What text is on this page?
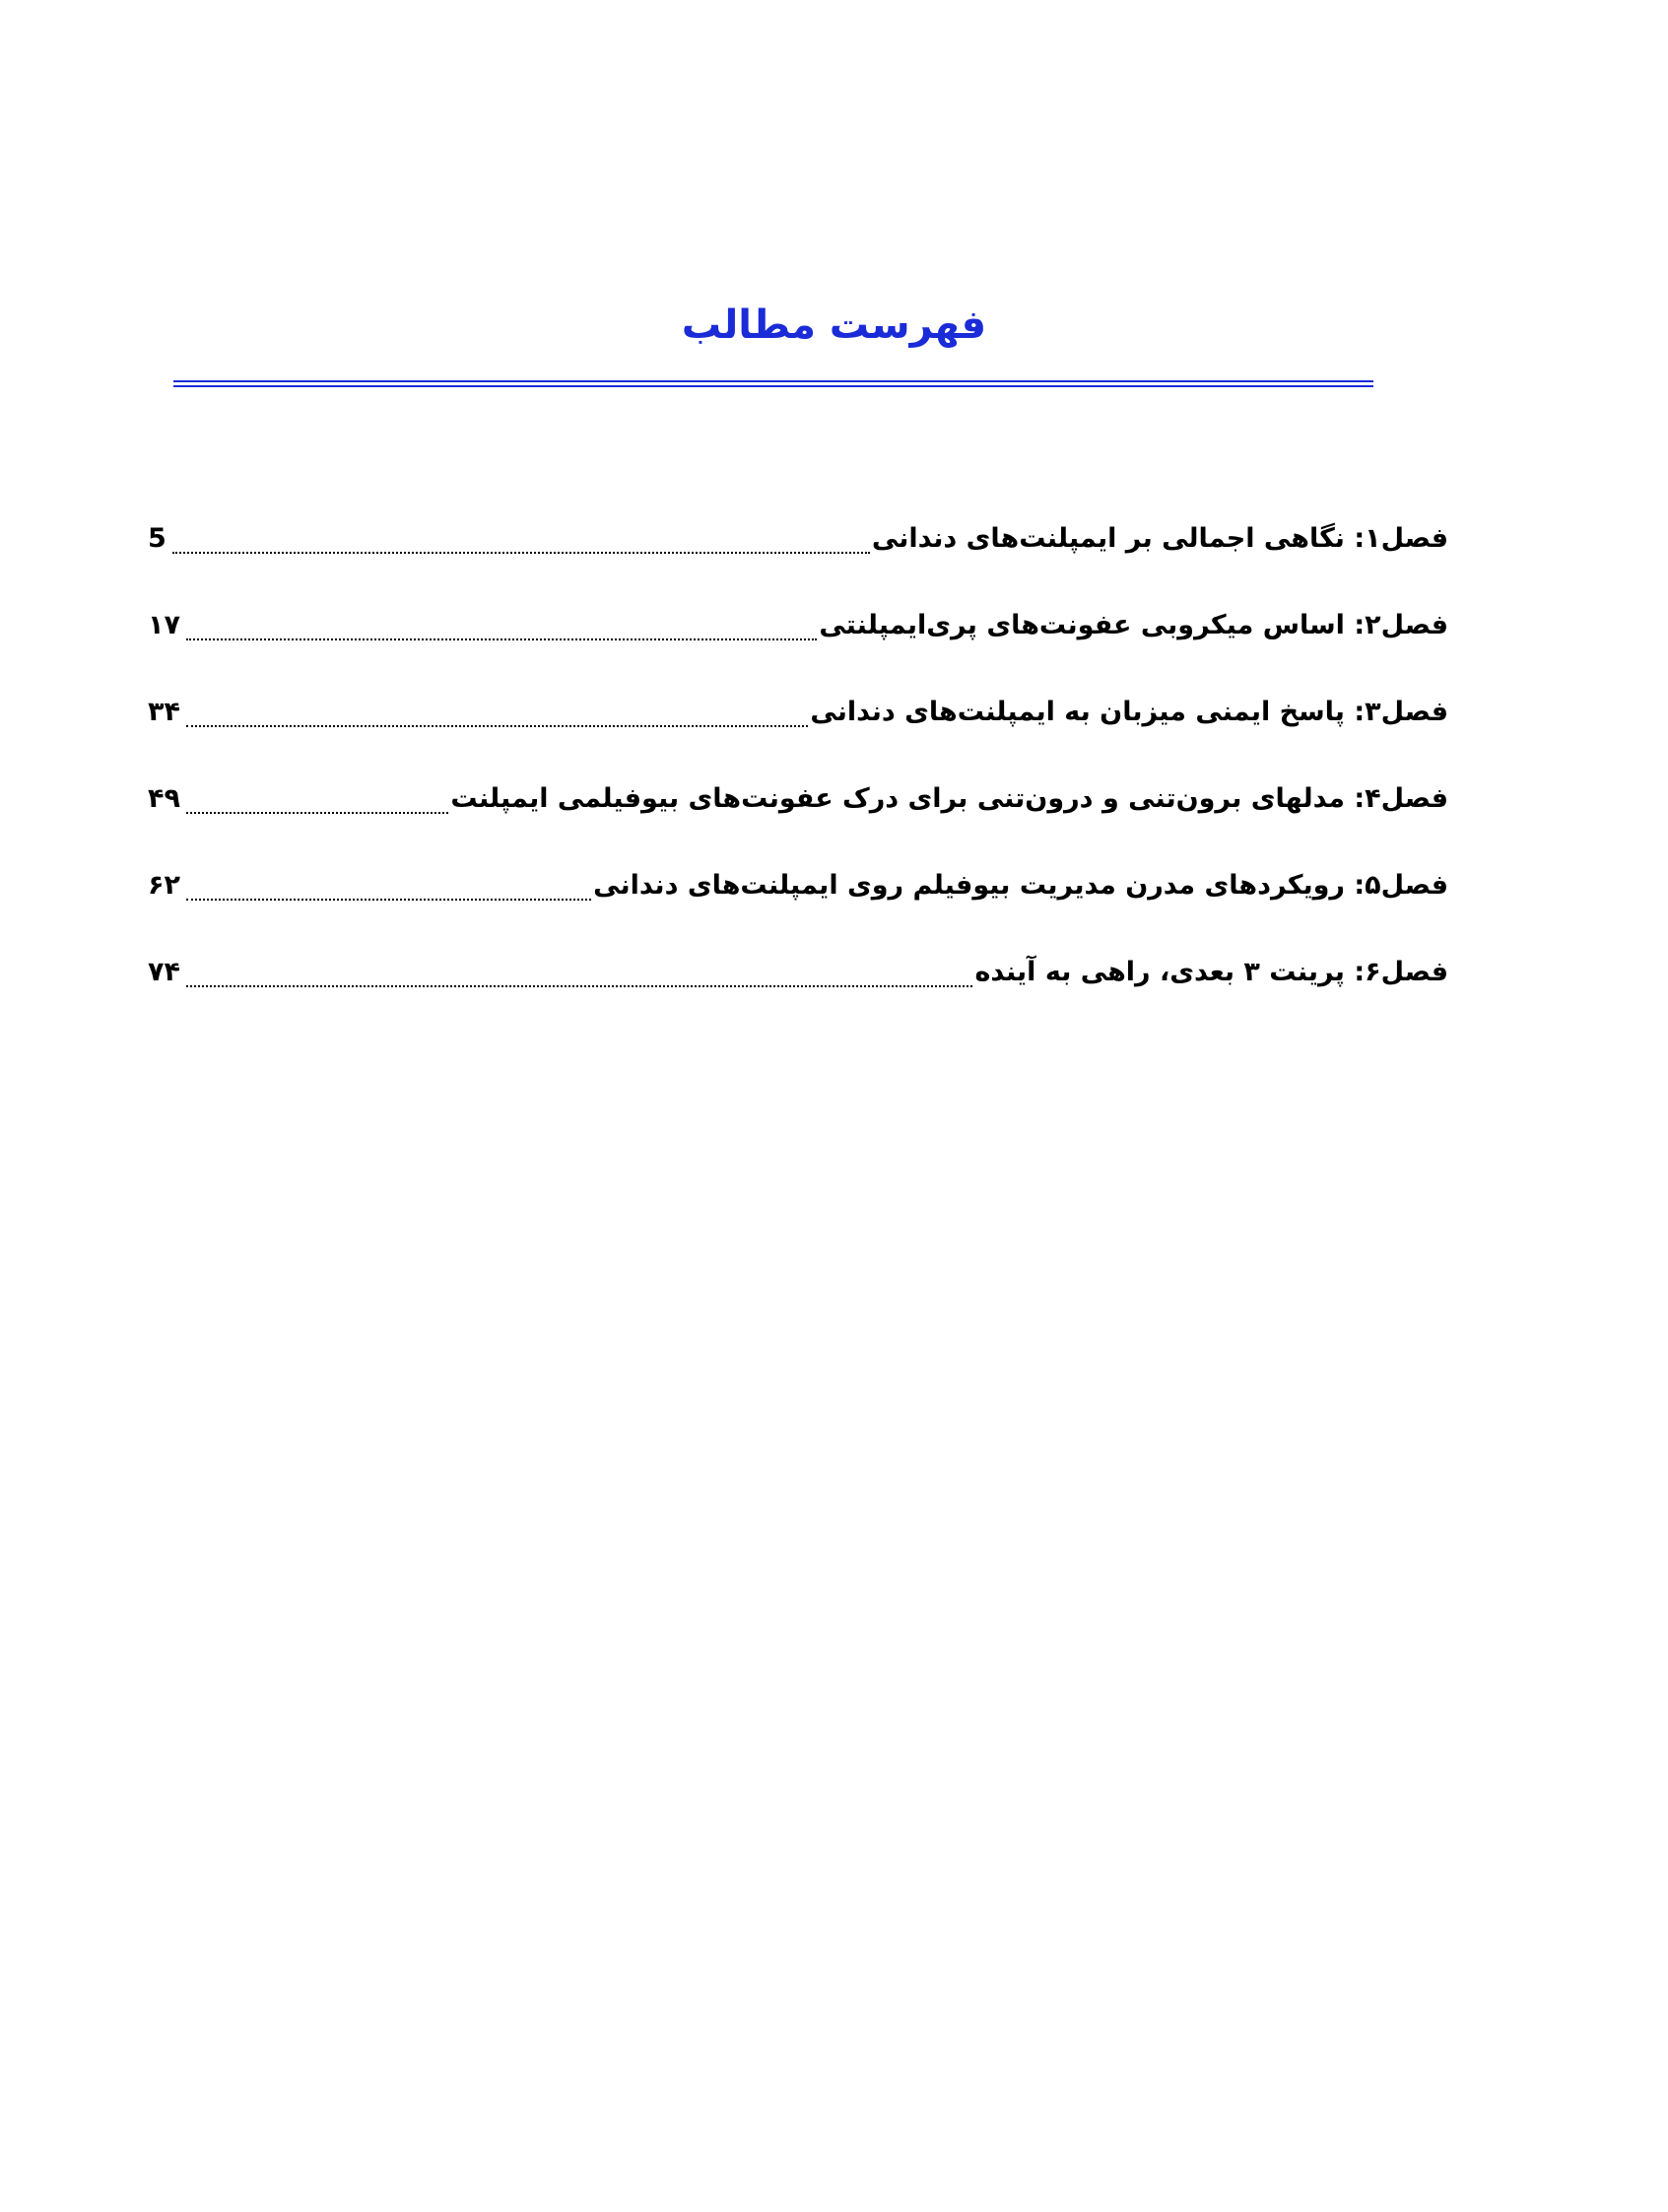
فهرست مطالب
5	فصل۱: نگاهی اجمالی بر ایمپلنت‌های دندانی
۱۷	فصل۲: اساس میکروبی عفونت‌های پری‌ایمپلنتی
۳۴	فصل۳: پاسخ ایمنی میزبان به ایمپلنت‌های دندانی
۴۹	فصل۴: مدلهای برون‌تنی و درون‌تنی برای درک عفونت‌های بیوفیلمی ایمپلنت
۶۲	فصل۵: رویکردهای مدرن مدیریت بیوفیلم روی ایمپلنت‌های دندانی
۷۴	فصل۶: پرینت ۳ بعدی، راهی به آینده
